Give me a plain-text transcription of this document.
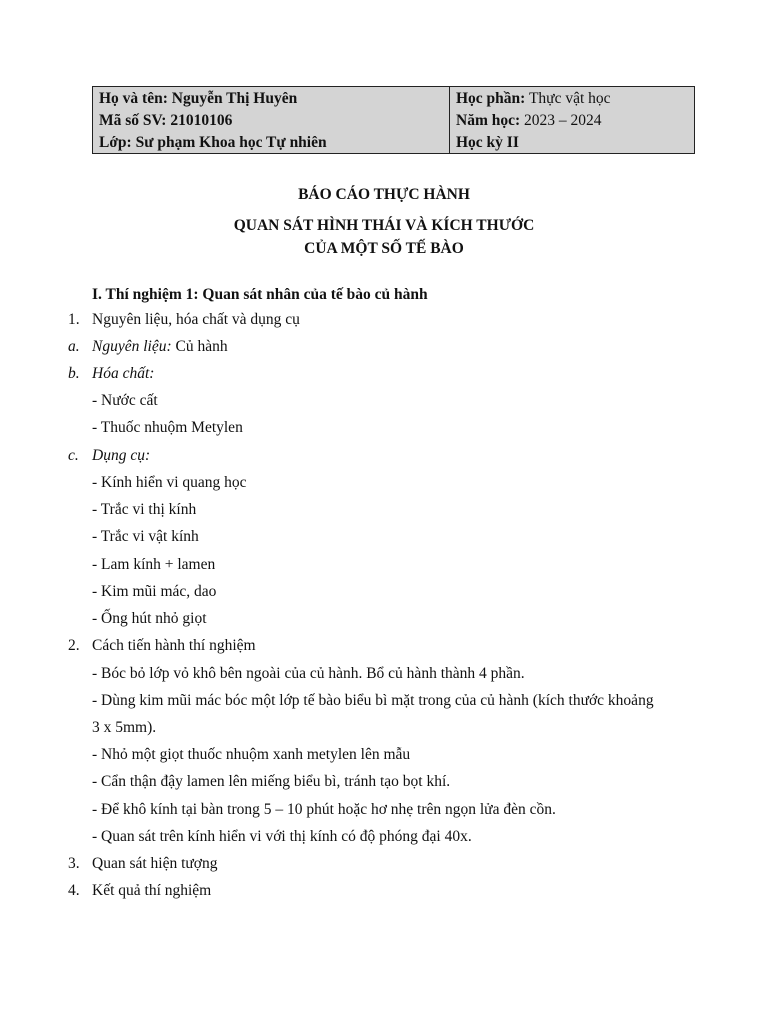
Họ và tên: Nguyễn Thị Huyên
Mã số SV: 21010106
Lớp: Sư phạm Khoa học Tự nhiên
Học phần: Thực vật học
Năm học: 2023 – 2024
Học kỳ II
BÁO CÁO THỰC HÀNH
QUAN SÁT HÌNH THÁI VÀ KÍCH THƯỚC
CỦA MỘT SỐ TẾ BÀO
I. Thí nghiệm 1: Quan sát nhân của tế bào củ hành
1. Nguyên liệu, hóa chất và dụng cụ
a. Nguyên liệu: Củ hành
b. Hóa chất:
- Nước cất
- Thuốc nhuộm Metylen
c. Dụng cụ:
- Kính hiển vi quang học
- Trắc vi thị kính
- Trắc vi vật kính
- Lam kính + lamen
- Kim mũi mác, dao
- Ống hút nhỏ giọt
2. Cách tiến hành thí nghiệm
- Bóc bỏ lớp vỏ khô bên ngoài của củ hành. Bổ củ hành thành 4 phần.
- Dùng kim mũi mác bóc một lớp tế bào biểu bì mặt trong của củ hành (kích thước khoảng
3 x 5mm).
- Nhỏ một giọt thuốc nhuộm xanh metylen lên mẫu
- Cẩn thận đậy lamen lên miếng biểu bì, tránh tạo bọt khí.
- Để khô kính tại bàn trong 5 – 10 phút hoặc hơ nhẹ trên ngọn lửa đèn cồn.
- Quan sát trên kính hiển vi với thị kính có độ phóng đại 40x.
3. Quan sát hiện tượng
4. Kết quả thí nghiệm
